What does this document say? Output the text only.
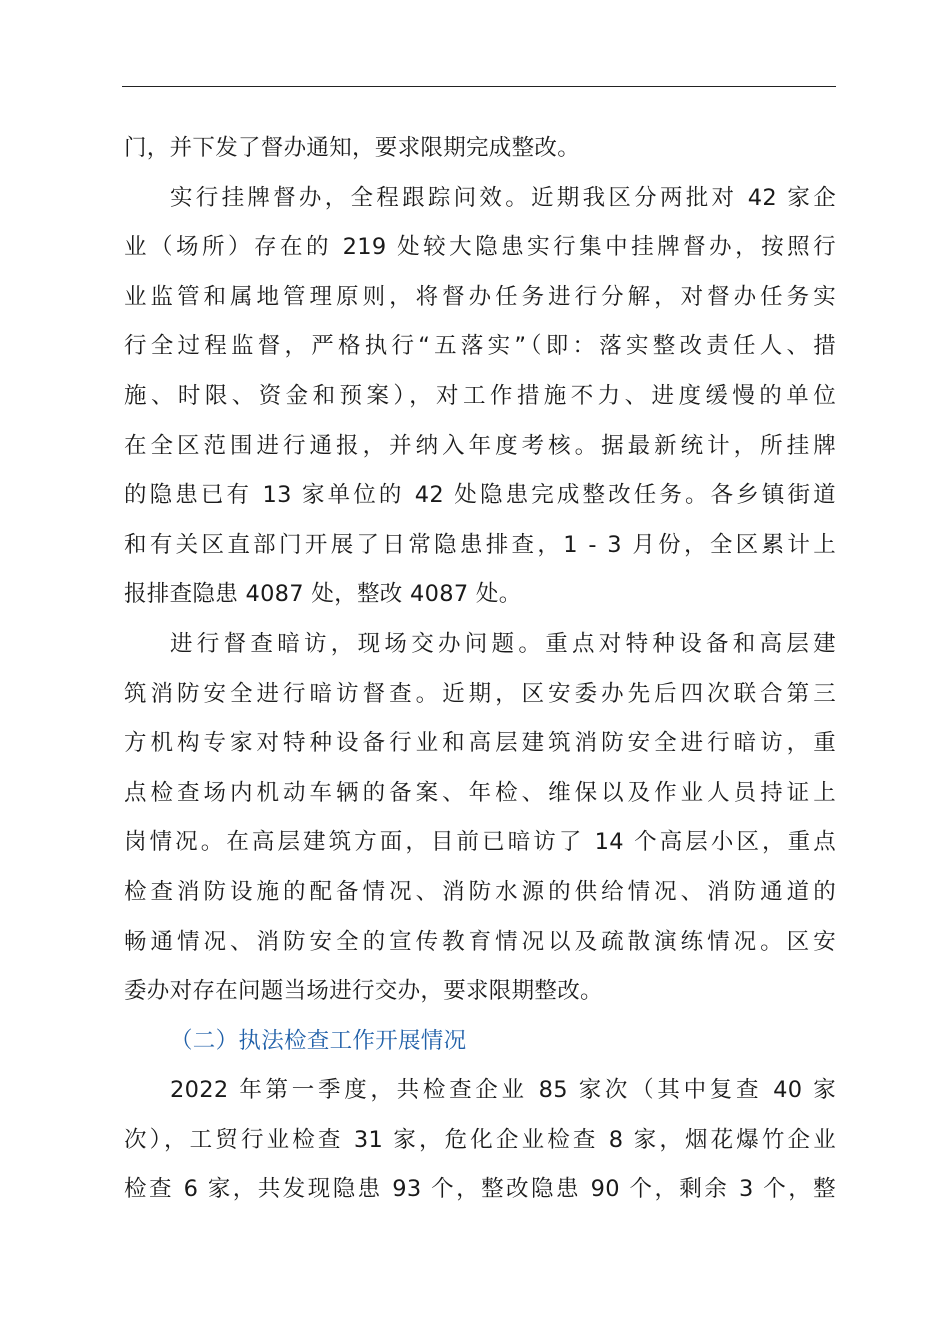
门，并下发了督办通知，要求限期完成整改。

实行挂牌督办，全程跟踪问效。近期我区分两批对 42 家企
业（场所）存在的 219 处较大隐患实行集中挂牌督办，按照行
业监管和属地管理原则，将督办任务进行分解，对督办任务实
行全过程监督，严格执行“五落实”（即：落实整改责任人、措
施、时限、资金和预案），对工作措施不力、进度缓慢的单位
在全区范围进行通报，并纳入年度考核。据最新统计，所挂牌
的隐患已有 13 家单位的 42 处隐患完成整改任务。各乡镇街道
和有关区直部门开展了日常隐患排查，1 - 3 月份，全区累计上

报排查隐患 4087 处，整改 4087 处。

进行督查暗访，现场交办问题。重点对特种设备和高层建
筑消防安全进行暗访督查。近期，区安委办先后四次联合第三
方机构专家对特种设备行业和高层建筑消防安全进行暗访，重
点检查场内机动车辆的备案、年检、维保以及作业人员持证上
岗情况。在高层建筑方面，目前已暗访了 14 个高层小区，重点
检查消防设施的配备情况、消防水源的供给情况、消防通道的
畅通情况、消防安全的宣传教育情况以及疏散演练情况。区安

委办对存在问题当场进行交办，要求限期整改。

（二）执法检查工作开展情况

2022 年第一季度，共检查企业 85 家次（其中复查 40 家
次），工贸行业检查 31 家，危化企业检查 8 家，烟花爆竹企业
检查 6 家，共发现隐患 93 个，整改隐患 90 个，剩余 3 个，整
